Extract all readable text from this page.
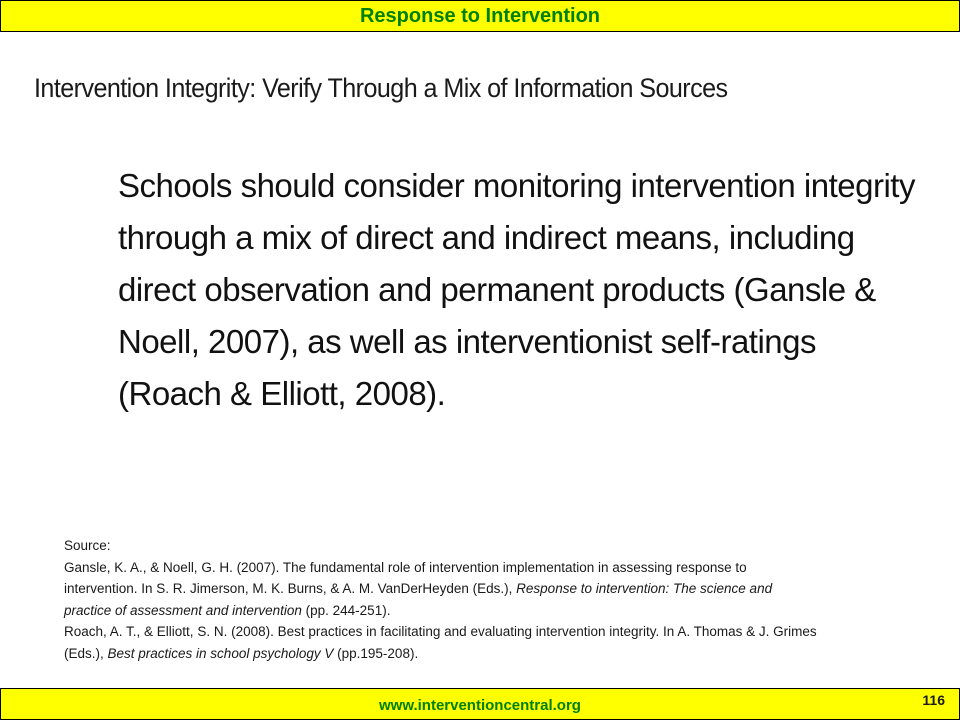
Response to Intervention
Intervention Integrity: Verify Through a Mix of Information Sources
Schools should consider monitoring intervention integrity through a mix of direct and indirect means, including direct observation and permanent products (Gansle & Noell, 2007), as well as interventionist self-ratings (Roach & Elliott, 2008).
Source:
Gansle, K. A., & Noell, G. H. (2007). The fundamental role of intervention implementation in assessing response to
intervention. In S. R. Jimerson, M. K. Burns, & A. M. VanDerHeyden (Eds.), Response to intervention: The science and
practice of assessment and intervention (pp. 244-251).
Roach, A. T., & Elliott, S. N. (2008). Best practices in facilitating and evaluating intervention integrity. In A. Thomas & J. Grimes
(Eds.), Best practices in school psychology V (pp.195-208).
www.interventioncentral.org	116
